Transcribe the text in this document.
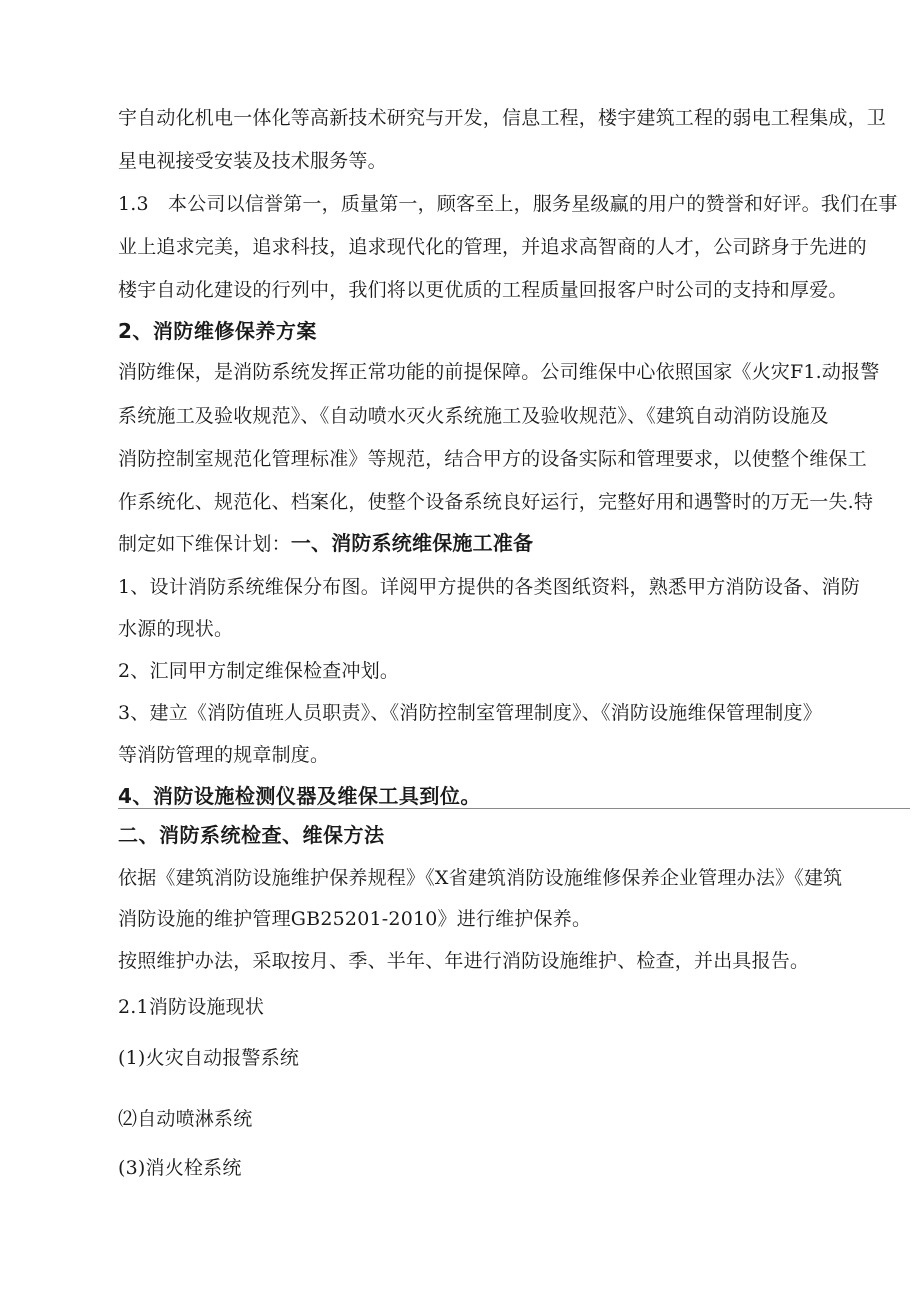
宇自动化机电一体化等高新技术研究与开发，信息工程，楼宇建筑工程的弱电工程集成，卫
星电视接受安装及技术服务等。
1.3　本公司以信誉第一，质量第一，顾客至上，服务星级赢的用户的赞誉和好评。我们在事
业上追求完美，追求科技，追求现代化的管理，并追求高智商的人才，公司跻身于先进的
楼宇自动化建设的行列中，我们将以更优质的工程质量回报客户时公司的支持和厚爱。
2、消防维修保养方案
消防维保，是消防系统发挥正常功能的前提保障。公司维保中心依照国家《火灾F1.动报警
系统施工及验收规范》、《自动喷水灭火系统施工及验收规范》、《建筑自动消防设施及
消防控制室规范化管理标准》等规范，结合甲方的设备实际和管理要求，以使整个维保工
作系统化、规范化、档案化，使整个设备系统良好运行，完整好用和遇警时的万无一失.特
制定如下维保计划：一、消防系统维保施工准备
1、设计消防系统维保分布图。详阅甲方提供的各类图纸资料，熟悉甲方消防设备、消防
水源的现状。
2、汇同甲方制定维保检查冲划。
3、建立《消防值班人员职责》、《消防控制室管理制度》、《消防设施维保管理制度》
等消防管理的规章制度。
4、消防设施检测仪器及维保工具到位。
二、消防系统检查、维保方法
依据《建筑消防设施维护保养规程》《X省建筑消防设施维修保养企业管理办法》《建筑
消防设施的维护管理GB25201-2010》进行维护保养。
按照维护办法，采取按月、季、半年、年进行消防设施维护、检查，并出具报告。
2.1消防设施现状
(1)火灾自动报警系统
⑵自动喷淋系统
(3)消火栓系统
